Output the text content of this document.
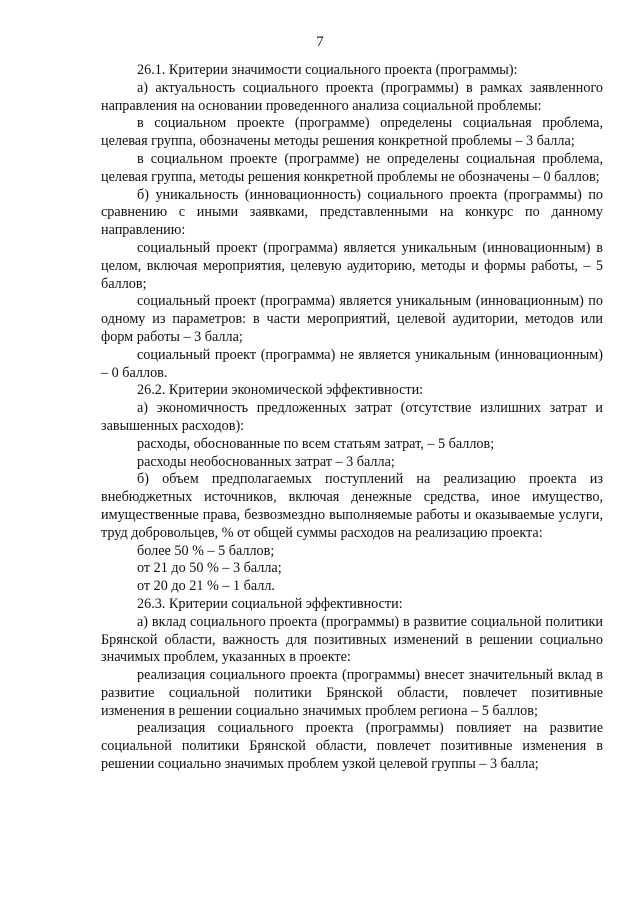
7

26.1. Критерии значимости социального проекта (программы):

а) актуальность социального проекта (программы) в рамках заявленного направления на основании проведенного анализа социальной проблемы:

в социальном проекте (программе) определены социальная проблема, целевая группа, обозначены методы решения конкретной проблемы – 3 балла;

в социальном проекте (программе) не определены социальная проблема, целевая группа, методы решения конкретной проблемы не обозначены – 0 баллов;

б) уникальность (инновационность) социального проекта (программы) по сравнению с иными заявками, представленными на конкурс по данному направлению:

социальный проект (программа) является уникальным (инновационным) в целом, включая мероприятия, целевую аудиторию, методы и формы работы, – 5 баллов;

социальный проект (программа) является уникальным (инновационным) по одному из параметров: в части мероприятий, целевой аудитории, методов или форм работы – 3 балла;

социальный проект (программа) не является уникальным (инновационным) – 0 баллов.

26.2. Критерии экономической эффективности:

а) экономичность предложенных затрат (отсутствие излишних затрат и завышенных расходов):

расходы, обоснованные по всем статьям затрат, – 5 баллов;

расходы необоснованных затрат – 3 балла;

б) объем предполагаемых поступлений на реализацию проекта из внебюджетных источников, включая денежные средства, иное имущество, имущественные права, безвозмездно выполняемые работы и оказываемые услуги, труд добровольцев, % от общей суммы расходов на реализацию проекта:

более 50 % – 5 баллов;

от 21 до 50 % – 3 балла;

от 20 до 21 % – 1 балл.

26.3. Критерии социальной эффективности:

а) вклад социального проекта (программы) в развитие социальной политики Брянской области, важность для позитивных изменений в решении социально значимых проблем, указанных в проекте:

реализация социального проекта (программы) внесет значительный вклад в развитие социальной политики Брянской области, повлечет позитивные изменения в решении социально значимых проблем региона – 5 баллов;

реализация социального проекта (программы) повлияет на развитие социальной политики Брянской области, повлечет позитивные изменения в решении социально значимых проблем узкой целевой группы – 3 балла;
